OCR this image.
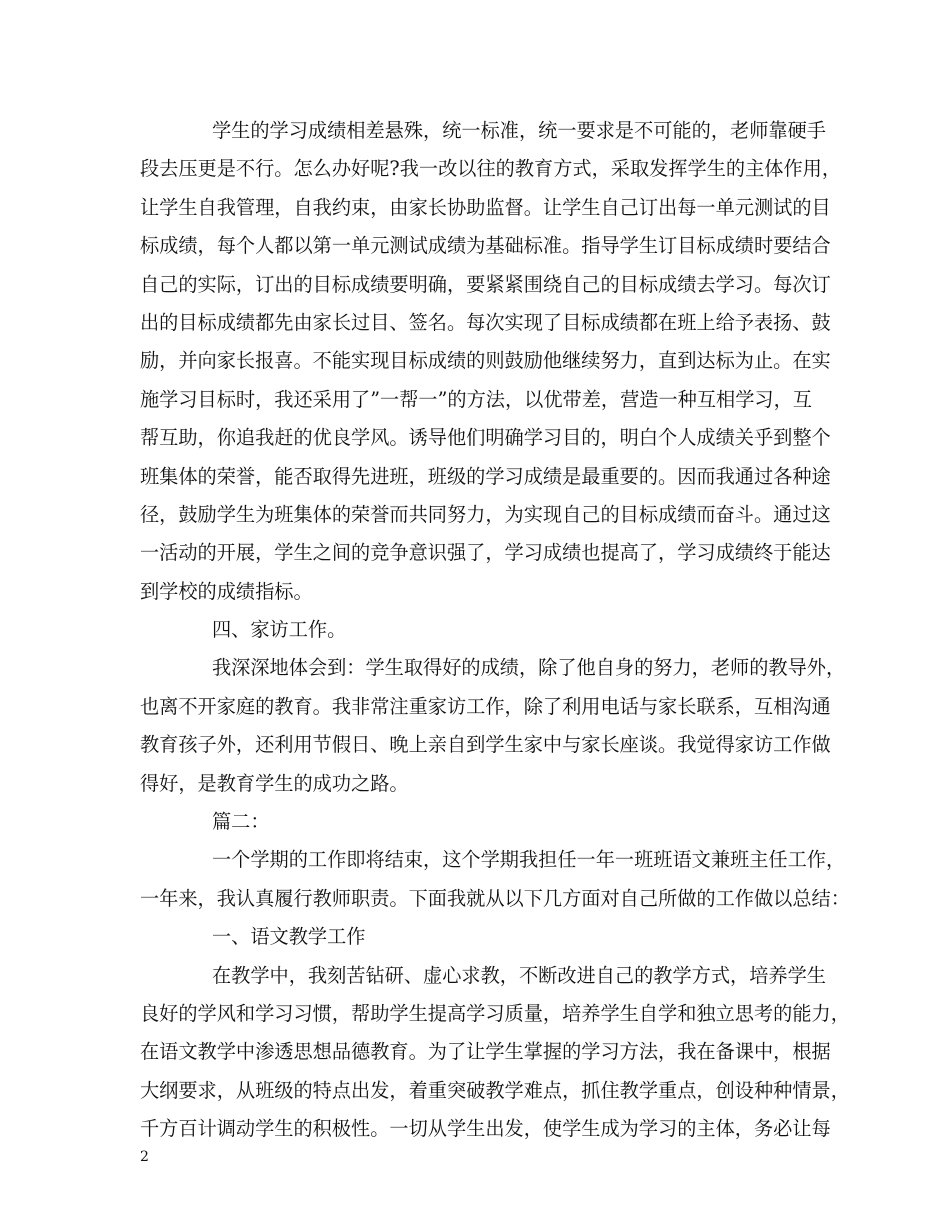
学生的学习成绩相差悬殊，统一标准，统一要求是不可能的，老师靠硬手
段去压更是不行。怎么办好呢?我一改以往的教育方式，采取发挥学生的主体作用，
让学生自我管理，自我约束，由家长协助监督。让学生自己订出每一单元测试的目
标成绩，每个人都以第一单元测试成绩为基础标准。指导学生订目标成绩时要结合
自己的实际，订出的目标成绩要明确，要紧紧围绕自己的目标成绩去学习。每次订
出的目标成绩都先由家长过目、签名。每次实现了目标成绩都在班上给予表扬、鼓
励，并向家长报喜。不能实现目标成绩的则鼓励他继续努力，直到达标为止。在实
施学习目标时，我还采用了”一帮一”的方法，以优带差，营造一种互相学习，互
帮互助，你追我赶的优良学风。诱导他们明确学习目的，明白个人成绩关乎到整个
班集体的荣誉，能否取得先进班，班级的学习成绩是最重要的。因而我通过各种途
径，鼓励学生为班集体的荣誉而共同努力，为实现自己的目标成绩而奋斗。通过这
一活动的开展，学生之间的竞争意识强了，学习成绩也提高了，学习成绩终于能达
到学校的成绩指标。
四、家访工作。
我深深地体会到：学生取得好的成绩，除了他自身的努力，老师的教导外，
也离不开家庭的教育。我非常注重家访工作，除了利用电话与家长联系，互相沟通
教育孩子外，还利用节假日、晚上亲自到学生家中与家长座谈。我觉得家访工作做
得好，是教育学生的成功之路。
篇二：
一个学期的工作即将结束，这个学期我担任一年一班班语文兼班主任工作，
一年来，我认真履行教师职责。下面我就从以下几方面对自己所做的工作做以总结：
一、语文教学工作
在教学中，我刻苦钻研、虚心求教，不断改进自己的教学方式，培养学生
良好的学风和学习习惯，帮助学生提高学习质量，培养学生自学和独立思考的能力，
在语文教学中渗透思想品德教育。为了让学生掌握的学习方法，我在备课中，根据
大纲要求，从班级的特点出发，着重突破教学难点，抓住教学重点，创设种种情景，
千方百计调动学生的积极性。一切从学生出发，使学生成为学习的主体，务必让每
2
